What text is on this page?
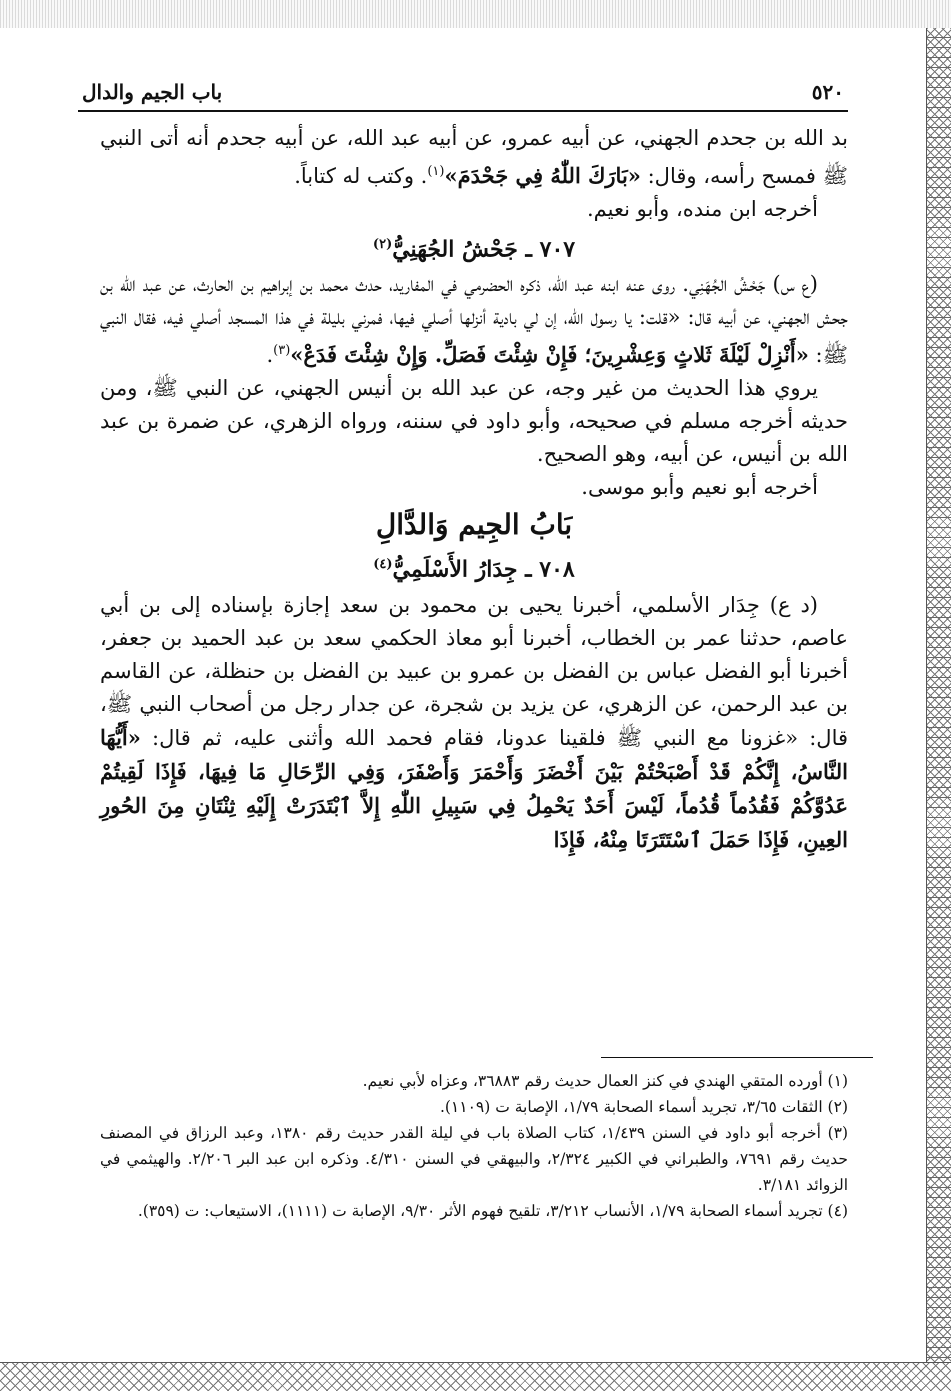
٥٢٠
باب الجيم والدال

بد الله بن جحدم الجهني، عن أبيه عمرو، عن أبيه عبد الله، عن أبيه جحدم أنه أتى النبي ﷺ فمسح رأسه، وقال: «بَارَكَ اللّٰهُ فِي جَحْدَمَ»$^{(١)}$. وكتب له كتاباً.

أخرجه ابن منده، وأبو نعيم.

٧٠٧ ـ جَحْشُ الجُهَنِيُّ$^{(٢)}$

(ع س) جَحْشُ الجُهَنِي. روى عنه ابنه عبد الله، ذكره الحضرمي في المفاريد، حدث محمد بن إبراهيم بن الحارث، عن عبد الله بن جحش الجهني، عن أبيه قال: «قلت: يا رسول الله، إن لي بادية أنزلها أصلي فيها، فمرني بليلة في هذا المسجد أصلي فيه، فقال النبي ﷺ: «أَنْزِلْ لَيْلَةَ ثَلاثٍ وَعِشْرِينَ؛ فَإِنْ شِئْتَ فَصَلِّ. وَإِنْ شِئْتَ فَدَعْ»$^{(٣)}$.

يروي هذا الحديث من غير وجه، عن عبد الله بن أنيس الجهني، عن النبي ﷺ، ومن حديثه أخرجه مسلم في صحيحه، وأبو داود في سننه، ورواه الزهري، عن ضمرة بن عبد الله بن أنيس، عن أبيه، وهو الصحيح.

أخرجه أبو نعيم وأبو موسى.

بَابُ الجِيم وَالدَّالِ

٧٠٨ ـ جِدَارُ الأَسْلَمِيُّ$^{(٤)}$

(د ع) جِدَار الأسلمي، أخبرنا يحيى بن محمود بن سعد إجازة بإسناده إلى بن أبي عاصم، حدثنا عمر بن الخطاب، أخبرنا أبو معاذ الحكمي سعد بن عبد الحميد بن جعفر، أخبرنا أبو الفضل عباس بن الفضل بن عمرو بن عبيد بن الفضل بن حنظلة، عن القاسم بن عبد الرحمن، عن الزهري، عن يزيد بن شجرة، عن جدار رجل من أصحاب النبي ﷺ، قال: «غزونا مع النبي ﷺ فلقينا عدونا، فقام فحمد الله وأثنى عليه، ثم قال: «أَيُّهَا النَّاسُ، إِنَّكُمْ قَدْ أَصْبَحْتُمْ بَيْنَ أَخْضَرَ وَأَحْمَرَ وَأَصْفَرَ، وَفِي الرِّحَالِ مَا فِيهَا، فَإِذَا لَقِيتُمْ عَدُوَّكُمْ فَقُدُماً قُدُماً، لَيْسَ أَحَدٌ يَحْمِلُ فِي سَبِيلِ اللّٰهِ إِلاَّ ٱبْتَدَرَتْ إِلَيْهِ ثِنْتَانِ مِنَ الحُورِ العِينِ، فَإِذَا حَمَلَ ٱسْتَتَرَتَا مِنْهُ، فَإِذَا

(١) أورده المتقي الهندي في كنز العمال حديث رقم ٣٦٨٨٣، وعزاه لأبي نعيم.

(٢) الثقات ٣/٦٥، تجريد أسماء الصحابة ١/٧٩، الإصابة ت (١١٠٩).

(٣) أخرجه أبو داود في السنن ١/٤٣٩، كتاب الصلاة باب في ليلة القدر حديث رقم ١٣٨٠، وعبد الرزاق في المصنف حديث رقم ٧٦٩١، والطبراني في الكبير ٢/٣٢٤، والبيهقي في السنن ٤/٣١٠. وذكره ابن عبد البر ٢/٢٠٦. والهيثمي في الزوائد ٣/١٨١.

(٤) تجريد أسماء الصحابة ١/٧٩، الأنساب ٣/٢١٢، تلقيح فهوم الأثر ٩/٣٠، الإصابة ت (١١١١)، الاستيعاب: ت (٣٥٩).
